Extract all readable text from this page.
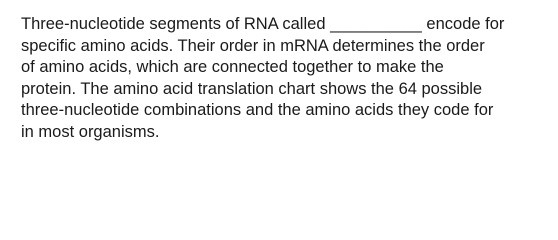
Three-nucleotide segments of RNA called __________ encode for
specific amino acids. Their order in mRNA determines the order
of amino acids, which are connected together to make the
protein. The amino acid translation chart shows the 64 possible
three-nucleotide combinations and the amino acids they code for
in most organisms.
